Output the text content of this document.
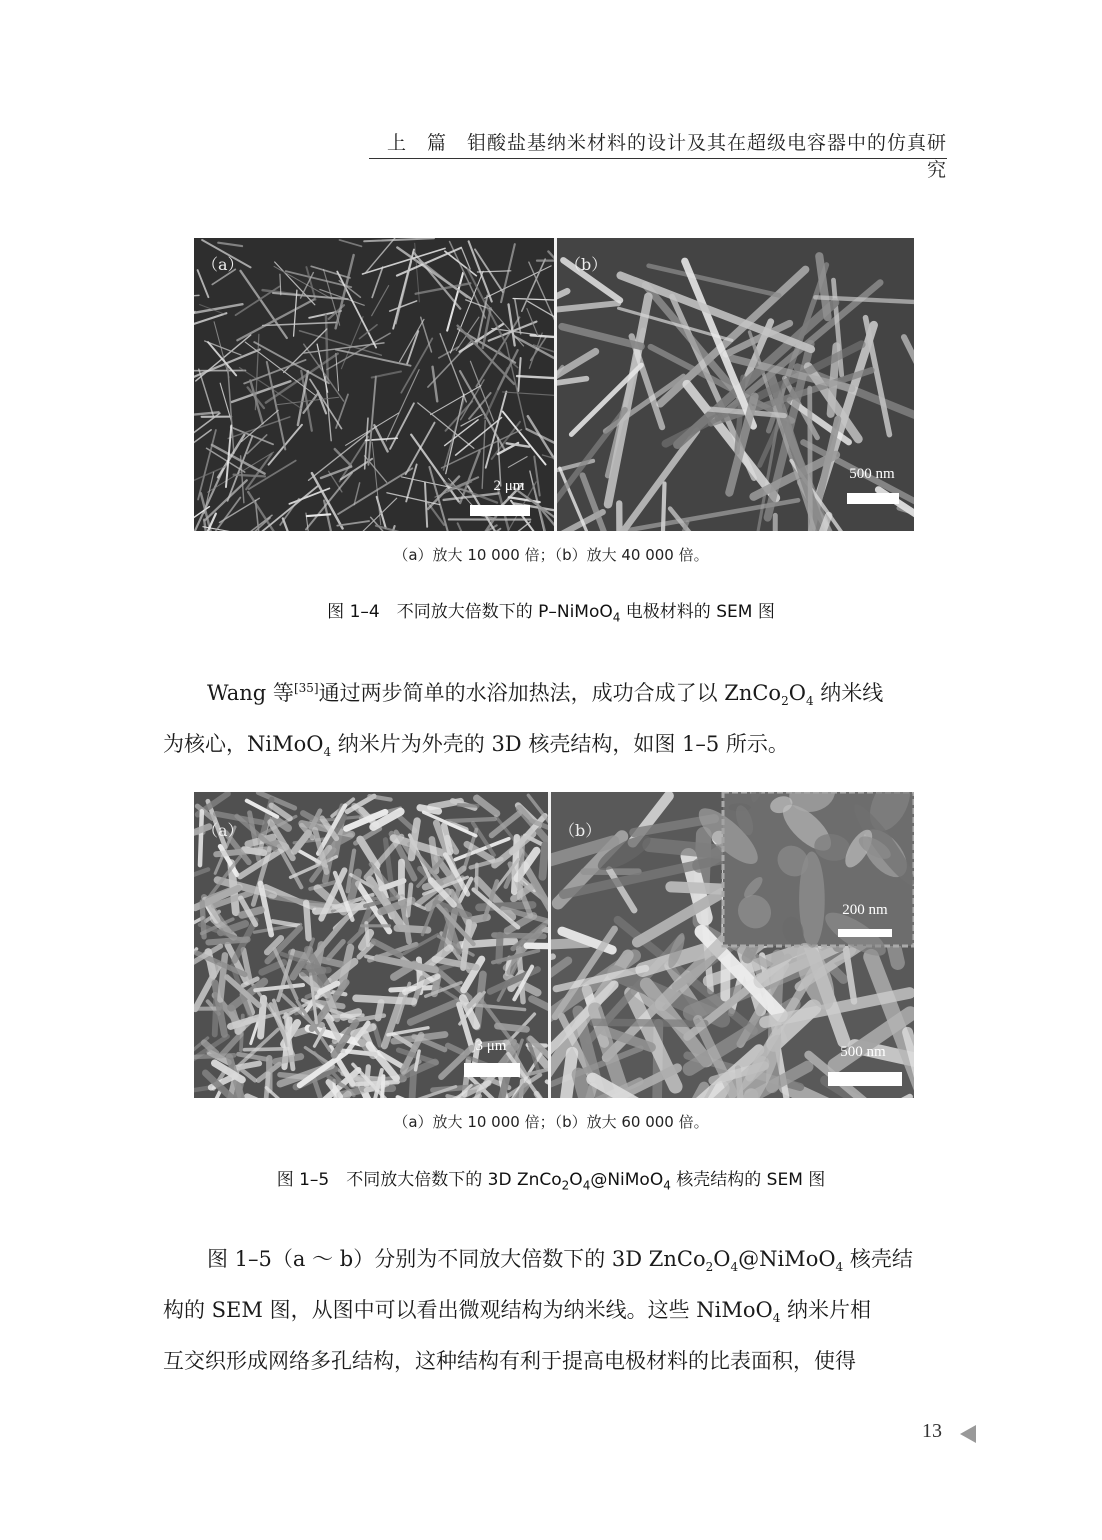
上　篇　钼酸盐基纳米材料的设计及其在超级电容器中的仿真研究
（a）
2 μm
（b）
500 nm
（a）放大 10 000 倍；（b）放大 40 000 倍。
图 1–4　不同放大倍数下的 P–NiMoO$_4$ 电极材料的 SEM 图

Wang 等[35]通过两步简单的水浴加热法，成功合成了以 $ZnCo_2O_4$ 纳米线

为核心，NiMoO$_4$ 纳米片为外壳的 3D 核壳结构，如图 1–5 所示。

（a）
3 μm
（b）
500 nm
200 nm
（a）放大 10 000 倍；（b）放大 60 000 倍。
图 1–5　不同放大倍数下的 3D $ZnCo_2O_4@NiMoO_4$ 核壳结构的 SEM 图

图 1–5（a ～ b）分别为不同放大倍数下的 3D $ZnCo_2O_4@NiMoO_4$ 核壳结

构的 SEM 图，从图中可以看出微观结构为纳米线。这些 NiMoO$_4$ 纳米片相

互交织形成网络多孔结构，这种结构有利于提高电极材料的比表面积，使得

13
